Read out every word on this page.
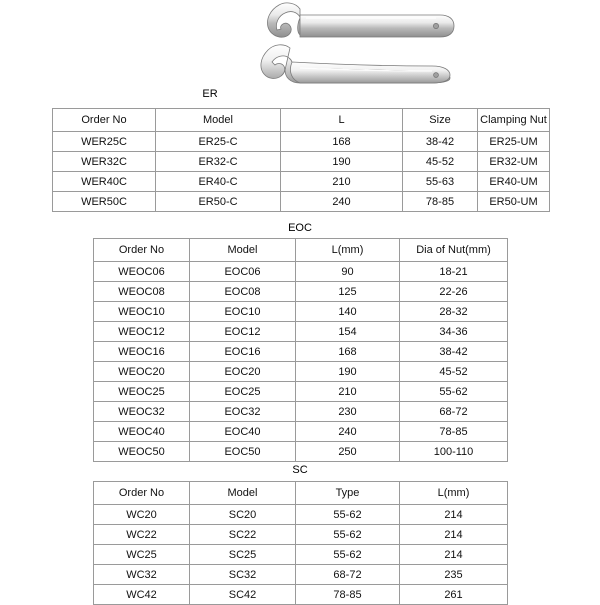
ER
Order No	Model	L	Size	Clamping Nut
WER25C	ER25-C	168	38-42	ER25-UM
WER32C	ER32-C	190	45-52	ER32-UM
WER40C	ER40-C	210	55-63	ER40-UM
WER50C	ER50-C	240	78-85	ER50-UM
EOC
Order No	Model	L(mm)	Dia of Nut(mm)
WEOC06	EOC06	90	18-21
WEOC08	EOC08	125	22-26
WEOC10	EOC10	140	28-32
WEOC12	EOC12	154	34-36
WEOC16	EOC16	168	38-42
WEOC20	EOC20	190	45-52
WEOC25	EOC25	210	55-62
WEOC32	EOC32	230	68-72
WEOC40	EOC40	240	78-85
WEOC50	EOC50	250	100-110
SC
Order No	Model	Type	L(mm)
WC20	SC20	55-62	214
WC22	SC22	55-62	214
WC25	SC25	55-62	214
WC32	SC32	68-72	235
WC42	SC42	78-85	261
